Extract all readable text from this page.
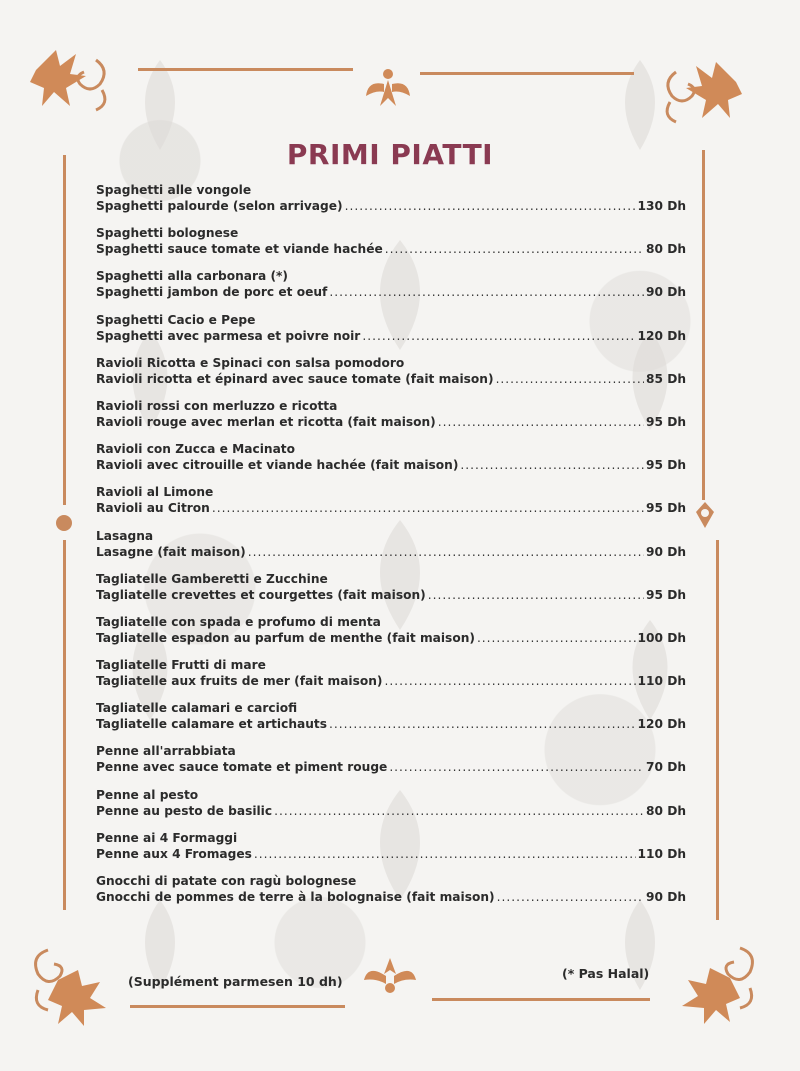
PRIMI PIATTI
Spaghetti alle vongole
Spaghetti palourde (selon arrivage) .....	130 Dh
Spaghetti bolognese
Spaghetti sauce tomate et viande hachée .....	80 Dh
Spaghetti alla carbonara (*)
Spaghetti jambon de porc et oeuf .....	90 Dh
Spaghetti Cacio e Pepe
Spaghetti avec parmesa et poivre noir .....	120 Dh
Ravioli Ricotta e Spinaci con salsa pomodoro
Ravioli ricotta et épinard avec sauce tomate (fait maison) .....	85 Dh
Ravioli rossi con merluzzo e ricotta
Ravioli rouge avec merlan et ricotta (fait maison) .....	95 Dh
Ravioli con Zucca e Macinato
Ravioli avec citrouille et viande hachée (fait maison) .....	95 Dh
Ravioli al Limone
Ravioli au Citron .....	95 Dh
Lasagna
Lasagne (fait maison) .....	90 Dh
Tagliatelle Gamberetti e Zucchine
Tagliatelle crevettes et courgettes (fait maison) .....	95 Dh
Tagliatelle con spada e profumo di menta
Tagliatelle espadon au parfum de menthe (fait maison) .....	100 Dh
Tagliatelle Frutti di mare
Tagliatelle aux fruits de mer (fait maison) .....	110 Dh
Tagliatelle calamari e carciofi
Tagliatelle calamare et artichauts .....	120 Dh
Penne all'arrabbiata
Penne avec sauce tomate et piment rouge .....	70 Dh
Penne al pesto
Penne au pesto de basilic .....	80 Dh
Penne ai 4 Formaggi
Penne aux 4 Fromages .....	110 Dh
Gnocchi di patate con ragù bolognese
Gnocchi de pommes de terre à la bolognaise (fait maison) .....	90 Dh
(Supplément parmesen 10 dh)
(* Pas Halal)
